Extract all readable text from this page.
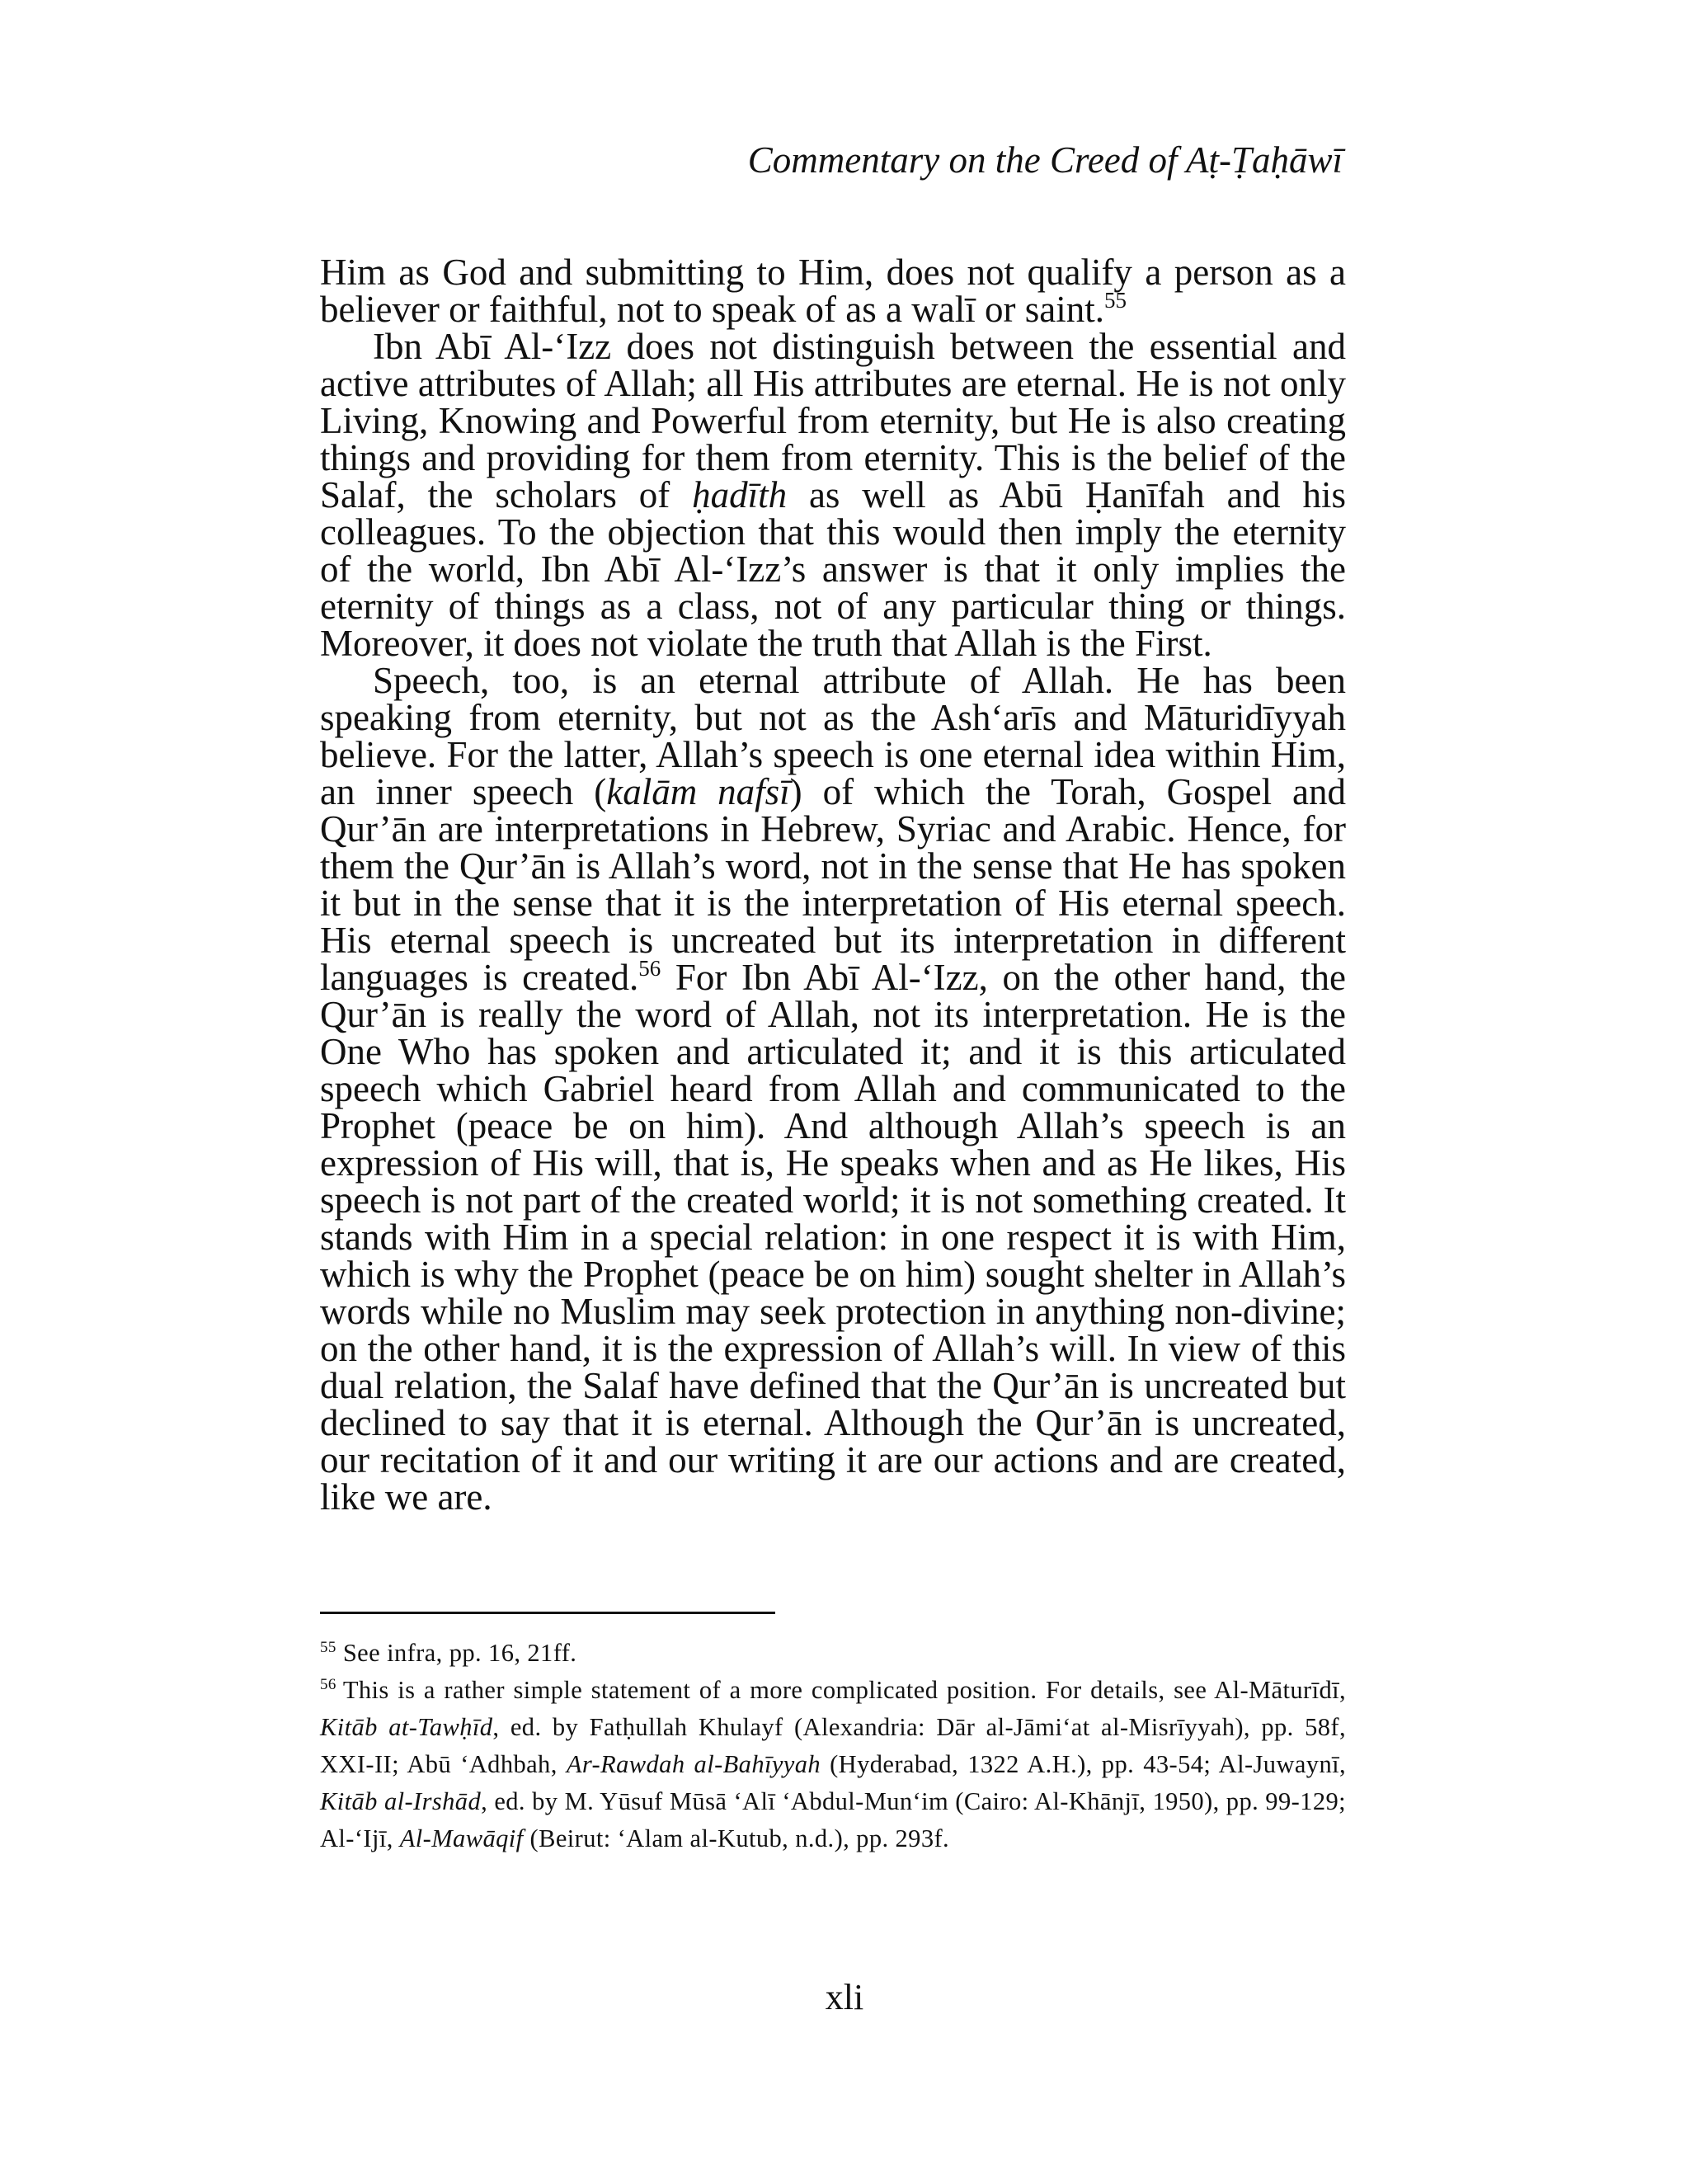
Commentary on the Creed of Aṭ-Ṭaḥāwī

Him as God and submitting to Him, does not qualify a person as a believer or faithful, not to speak of as a walī or saint.$^{55}$

Ibn Abī Al-‘Izz does not distinguish between the essential and active attributes of Allah; all His attributes are eternal. He is not only Living, Knowing and Powerful from eternity, but He is also creating things and providing for them from eternity. This is the belief of the Salaf, the scholars of ḥadīth as well as Abū Ḥanīfah and his colleagues. To the objection that this would then imply the eternity of the world, Ibn Abī Al-‘Izz’s answer is that it only implies the eternity of things as a class, not of any particular thing or things. Moreover, it does not violate the truth that Allah is the First.

Speech, too, is an eternal attribute of Allah. He has been speaking from eternity, but not as the Ash‘arīs and Māturidīyyah believe. For the latter, Allah’s speech is one eternal idea within Him, an inner speech (kalām nafsī) of which the Torah, Gospel and Qur’ān are interpretations in Hebrew, Syriac and Arabic. Hence, for them the Qur’ān is Allah’s word, not in the sense that He has spoken it but in the sense that it is the interpretation of His eternal speech. His eternal speech is uncreated but its interpretation in different languages is created.$^{56}$ For Ibn Abī Al-‘Izz, on the other hand, the Qur’ān is really the word of Allah, not its interpretation. He is the One Who has spoken and articulated it; and it is this articulated speech which Gabriel heard from Allah and communicated to the Prophet (peace be on him). And although Allah’s speech is an expression of His will, that is, He speaks when and as He likes, His speech is not part of the created world; it is not something created. It stands with Him in a special relation: in one respect it is with Him, which is why the Prophet (peace be on him) sought shelter in Allah’s words while no Muslim may seek protection in anything non-divine; on the other hand, it is the expression of Allah’s will. In view of this dual relation, the Salaf have defined that the Qur’ān is uncreated but declined to say that it is eternal. Although the Qur’ān is uncreated, our recitation of it and our writing it are our actions and are created, like we are.

$^{55}$ See infra, pp. 16, 21ff.

$^{56}$ This is a rather simple statement of a more complicated position. For details, see Al-Māturīdī, Kitāb at-Tawḥīd, ed. by Fatḥullah Khulayf (Alexandria: Dār al-Jāmi‘at al-Misrīyyah), pp. 58f, XXI-II; Abū ‘Adhbah, Ar-Rawdah al-Bahīyyah (Hyderabad, 1322 A.H.), pp. 43-54; Al-Juwaynī, Kitāb al-Irshād, ed. by M. Yūsuf Mūsā ‘Alī ‘Abdul-Mun‘im (Cairo: Al-Khānjī, 1950), pp. 99-129; Al-‘Ijī, Al-Mawāqif (Beirut: ‘Alam al-Kutub, n.d.), pp. 293f.

xli
